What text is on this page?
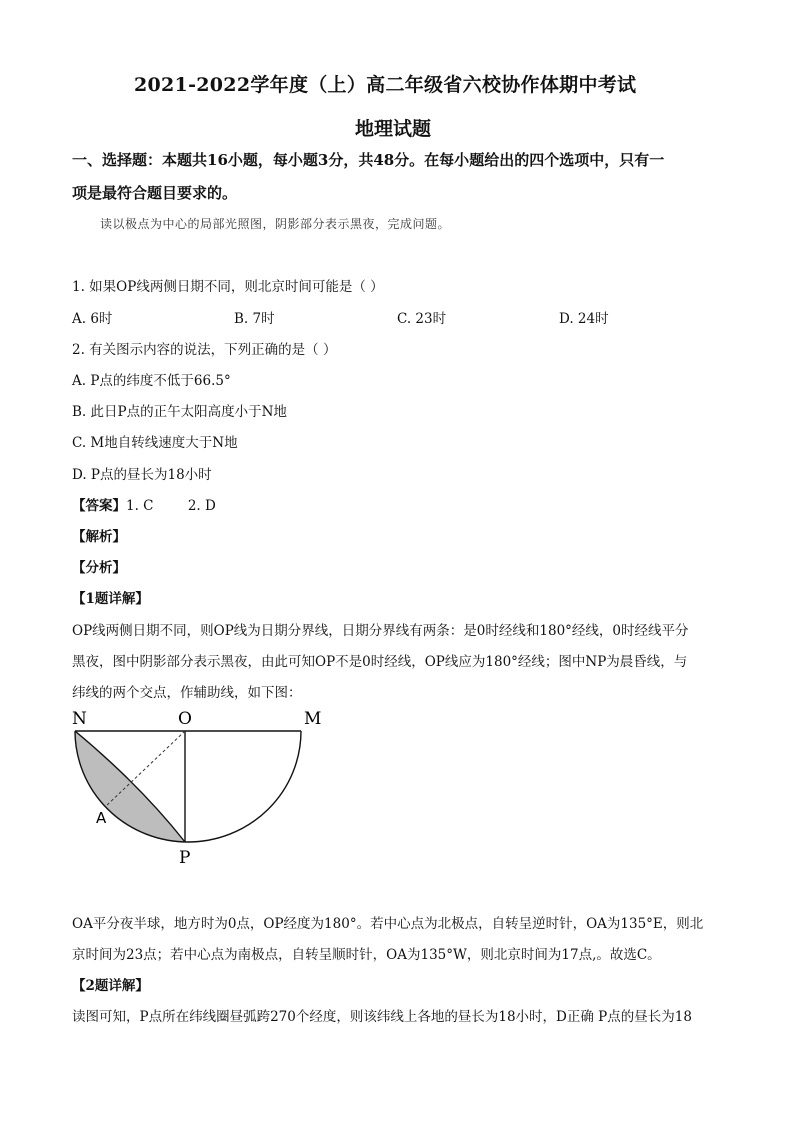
2021-2022学年度（上）高二年级省六校协作体期中考试
地理试题
一、选择题：本题共16小题，每小题3分，共48分。在每小题给出的四个选项中，只有一
项是最符合题目要求的。
读以极点为中心的局部光照图，阴影部分表示黑夜，完成问题。
1. 如果OP线两侧日期不同，则北京时间可能是（ ）
A. 6时	B. 7时	C. 23时	D. 24时
2. 有关图示内容的说法，下列正确的是（ ）
A. P点的纬度不低于66.5°
B. 此日P点的正午太阳高度小于N地
C. M地自转线速度大于N地
D. P点的昼长为18小时
【答案】1. C        2. D
【解析】
【分析】
【1题详解】
OP线两侧日期不同，则OP线为日期分界线，日期分界线有两条：是0时经线和180°经线，0时经线平分
黑夜，图中阴影部分表示黑夜，由此可知OP不是0时经线，OP线应为180°经线；图中NP为晨昏线，与
纬线的两个交点，作辅助线，如下图：
N	O	M
A
P
OA平分夜半球，地方时为0点，OP经度为180°。若中心点为北极点，自转呈逆时针，OA为135°E，则北
京时间为23点；若中心点为南极点，自转呈顺时针，OA为135°W，则北京时间为17点,。故选C。
【2题详解】
读图可知，P点所在纬线圈昼弧跨270个经度，则该纬线上各地的昼长为18小时，D正确 P点的昼长为18
